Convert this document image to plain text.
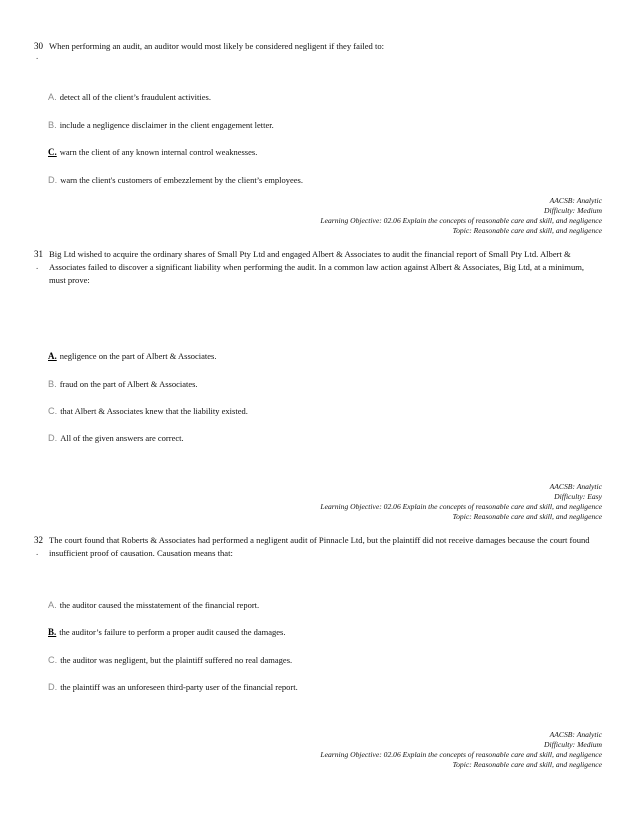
30
.
When performing an audit, an auditor would most likely be considered negligent if they failed to:
A. detect all of the client’s fraudulent activities.
B. include a negligence disclaimer in the client engagement letter.
C. warn the client of any known internal control weaknesses.
D. warn the client's customers of embezzlement by the client’s employees.
AACSB: Analytic
Difficulty: Medium
Learning Objective: 02.06 Explain the concepts of reasonable care and skill, and negligence
Topic: Reasonable care and skill, and negligence
31
.
Big Ltd wished to acquire the ordinary shares of Small Pty Ltd and engaged Albert & Associates to audit the financial report of Small Pty Ltd. Albert & Associates failed to discover a significant liability when performing the audit. In a common law action against Albert & Associates, Big Ltd, at a minimum, must prove:
A. negligence on the part of Albert & Associates.
B. fraud on the part of Albert & Associates.
C. that Albert & Associates knew that the liability existed.
D. All of the given answers are correct.
AACSB: Analytic
Difficulty: Easy
Learning Objective: 02.06 Explain the concepts of reasonable care and skill, and negligence
Topic: Reasonable care and skill, and negligence
32
.
The court found that Roberts & Associates had performed a negligent audit of Pinnacle Ltd, but the plaintiff did not receive damages because the court found insufficient proof of causation. Causation means that:
A. the auditor caused the misstatement of the financial report.
B. the auditor’s failure to perform a proper audit caused the damages.
C. the auditor was negligent, but the plaintiff suffered no real damages.
D. the plaintiff was an unforeseen third-party user of the financial report.
AACSB: Analytic
Difficulty: Medium
Learning Objective: 02.06 Explain the concepts of reasonable care and skill, and negligence
Topic: Reasonable care and skill, and negligence
